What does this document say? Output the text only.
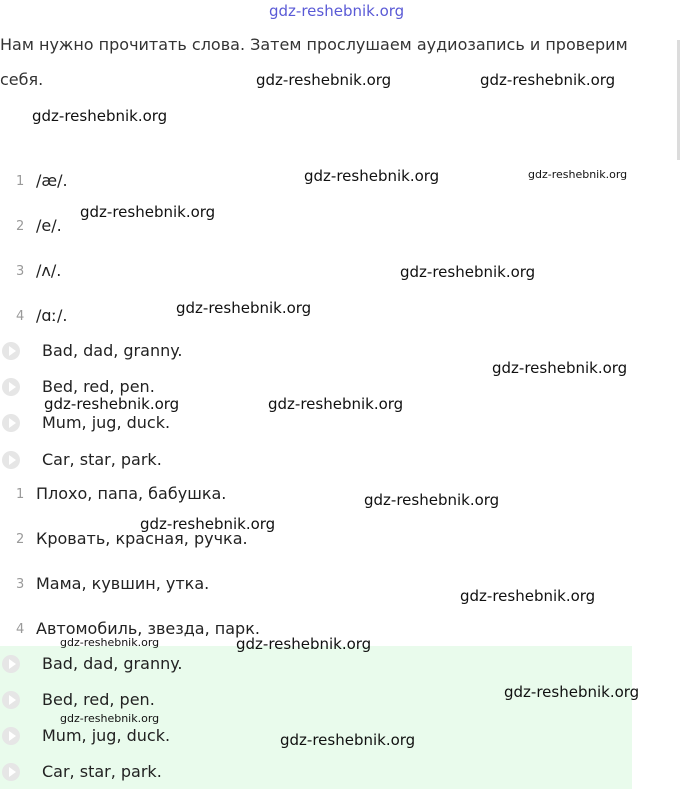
gdz-reshebnik.org
Нам нужно прочитать слова. Затем прослушаем аудиозапись и проверим
себя.
1 /æ/.
2 /e/.
3 /ʌ/.
4 /ɑː/.
Bad, dad, granny.
Bed, red, pen.
Mum, jug, duck.
Car, star, park.
1 Плохо, папа, бабушка.
2 Кровать, красная, ручка.
3 Мама, кувшин, утка.
4 Автомобиль, звезда, парк.
Bad, dad, granny.
Bed, red, pen.
Mum, jug, duck.
Car, star, park.
gdz-reshebnik.org	gdz-reshebnik.org
gdz-reshebnik.org
gdz-reshebnik.org	gdz-reshebnik.org
gdz-reshebnik.org
gdz-reshebnik.org
gdz-reshebnik.org
gdz-reshebnik.org
gdz-reshebnik.org	gdz-reshebnik.org
gdz-reshebnik.org
gdz-reshebnik.org
gdz-reshebnik.org
gdz-reshebnik.org	gdz-reshebnik.org
gdz-reshebnik.org
gdz-reshebnik.org
gdz-reshebnik.org
